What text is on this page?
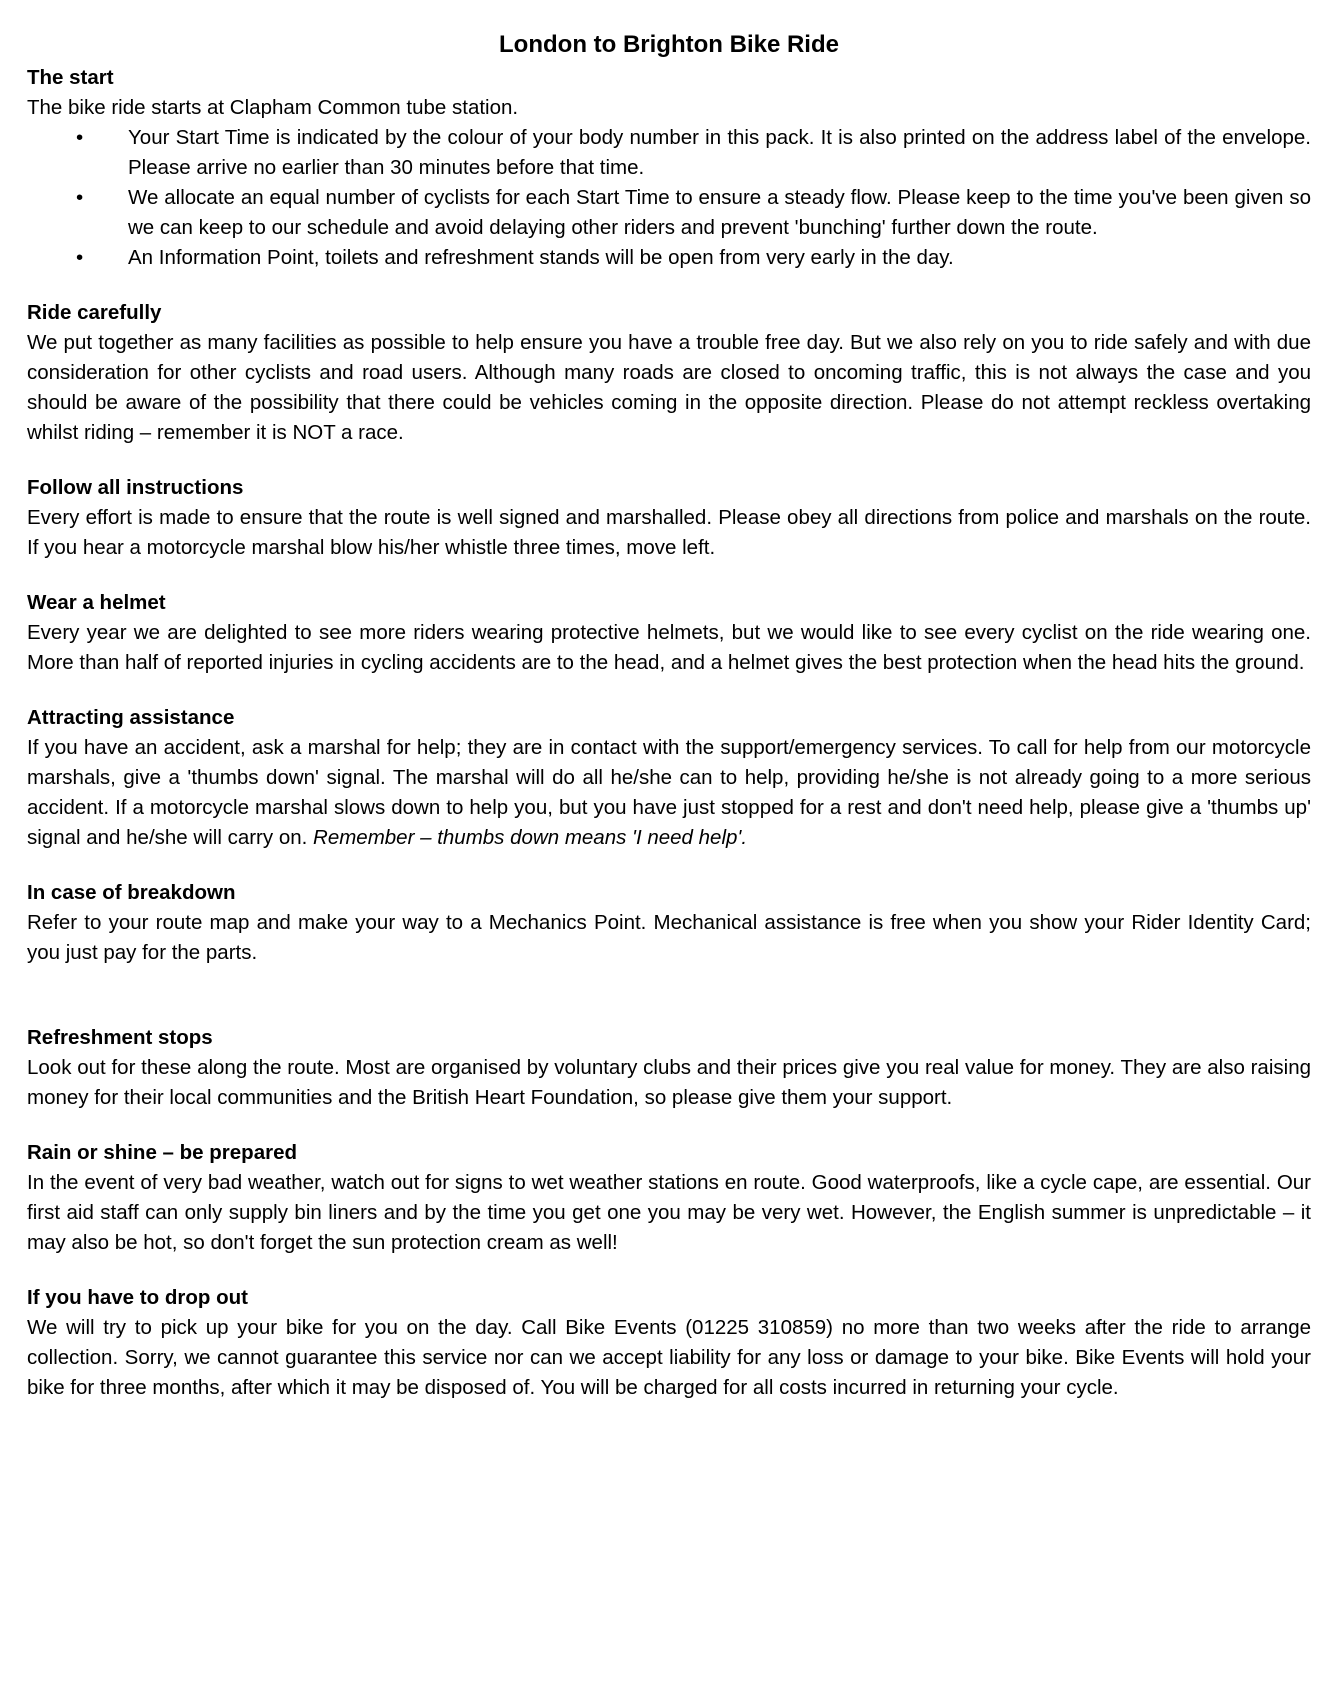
London to Brighton Bike Ride
The start

The bike ride starts at Clapham Common tube station.

• Your Start Time is indicated by the colour of your body number in this pack. It is also printed on the address label of the envelope. Please arrive no earlier than 30 minutes before that time.
• We allocate an equal number of cyclists for each Start Time to ensure a steady flow. Please keep to the time you've been given so we can keep to our schedule and avoid delaying other riders and prevent 'bunching' further down the route.
• An Information Point, toilets and refreshment stands will be open from very early in the day.
Ride carefully

We put together as many facilities as possible to help ensure you have a trouble free day. But we also rely on you to ride safely and with due consideration for other cyclists and road users. Although many roads are closed to oncoming traffic, this is not always the case and you should be aware of the possibility that there could be vehicles coming in the opposite direction. Please do not attempt reckless overtaking whilst riding – remember it is NOT a race.

Follow all instructions

Every effort is made to ensure that the route is well signed and marshalled. Please obey all directions from police and marshals on the route. If you hear a motorcycle marshal blow his/her whistle three times, move left.

Wear a helmet

Every year we are delighted to see more riders wearing protective helmets, but we would like to see every cyclist on the ride wearing one. More than half of reported injuries in cycling accidents are to the head, and a helmet gives the best protection when the head hits the ground.

Attracting assistance

If you have an accident, ask a marshal for help; they are in contact with the support/emergency services. To call for help from our motorcycle marshals, give a 'thumbs down' signal. The marshal will do all he/she can to help, providing he/she is not already going to a more serious accident. If a motorcycle marshal slows down to help you, but you have just stopped for a rest and don't need help, please give a 'thumbs up' signal and he/she will carry on. Remember – thumbs down means 'I need help'.

In case of breakdown

Refer to your route map and make your way to a Mechanics Point. Mechanical assistance is free when you show your Rider Identity Card; you just pay for the parts.

Refreshment stops

Look out for these along the route. Most are organised by voluntary clubs and their prices give you real value for money. They are also raising money for their local communities and the British Heart Foundation, so please give them your support.

Rain or shine – be prepared

In the event of very bad weather, watch out for signs to wet weather stations en route. Good waterproofs, like a cycle cape, are essential. Our first aid staff can only supply bin liners and by the time you get one you may be very wet. However, the English summer is unpredictable – it may also be hot, so don't forget the sun protection cream as well!

If you have to drop out

We will try to pick up your bike for you on the day. Call Bike Events (01225 310859) no more than two weeks after the ride to arrange collection. Sorry, we cannot guarantee this service nor can we accept liability for any loss or damage to your bike. Bike Events will hold your bike for three months, after which it may be disposed of. You will be charged for all costs incurred in returning your cycle.
